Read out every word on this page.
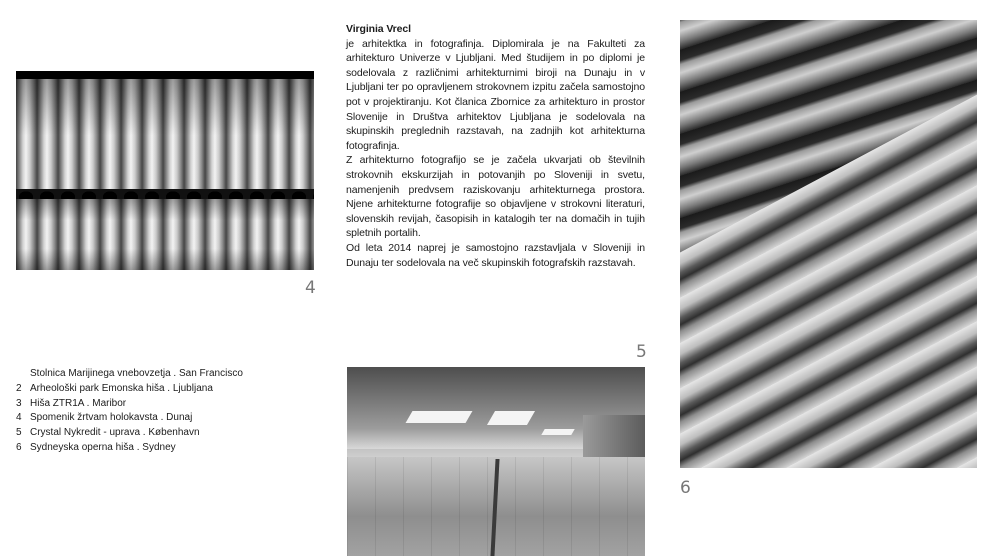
4
Virginia Vrecl

je arhitektka in fotografinja. Diplomirala je na Fakulteti za arhitekturo Univerze v Ljubljani. Med študijem in po diplomi je sodelovala z različnimi arhitekturnimi biroji na Dunaju in v Ljubljani ter po opravljenem strokovnem izpitu začela samostojno pot v projektiranju. Kot članica Zbornice za arhitekturo in prostor Slovenije in Društva arhitektov Ljubljana je sodelovala na skupinskih preglednih razstavah, na zadnjih kot arhitekturna fotografinja.

Z arhitekturno fotografijo se je začela ukvarjati ob številnih strokovnih ekskurzijah in potovanjih po Sloveniji in svetu, namenjenih predvsem raziskovanju arhitekturnega prostora. Njene arhitekturne fotografije so objavljene v strokovni literaturi, slovenskih revijah, časopisih in katalogih ter na domačih in tujih spletnih portalih.

Od leta 2014 naprej je samostojno razstavljala v Sloveniji in Dunaju ter sodelovala na več skupinskih fotografskih razstavah.

5
6
Stolnica Marijinega vnebovzetja . San Francisco
2 Arheološki park Emonska hiša . Ljubljana
3 Hiša ZTR1A . Maribor
4 Spomenik žrtvam holokavsta . Dunaj
5 Crystal Nykredit - uprava . København
6 Sydneyska operna hiša . Sydney
